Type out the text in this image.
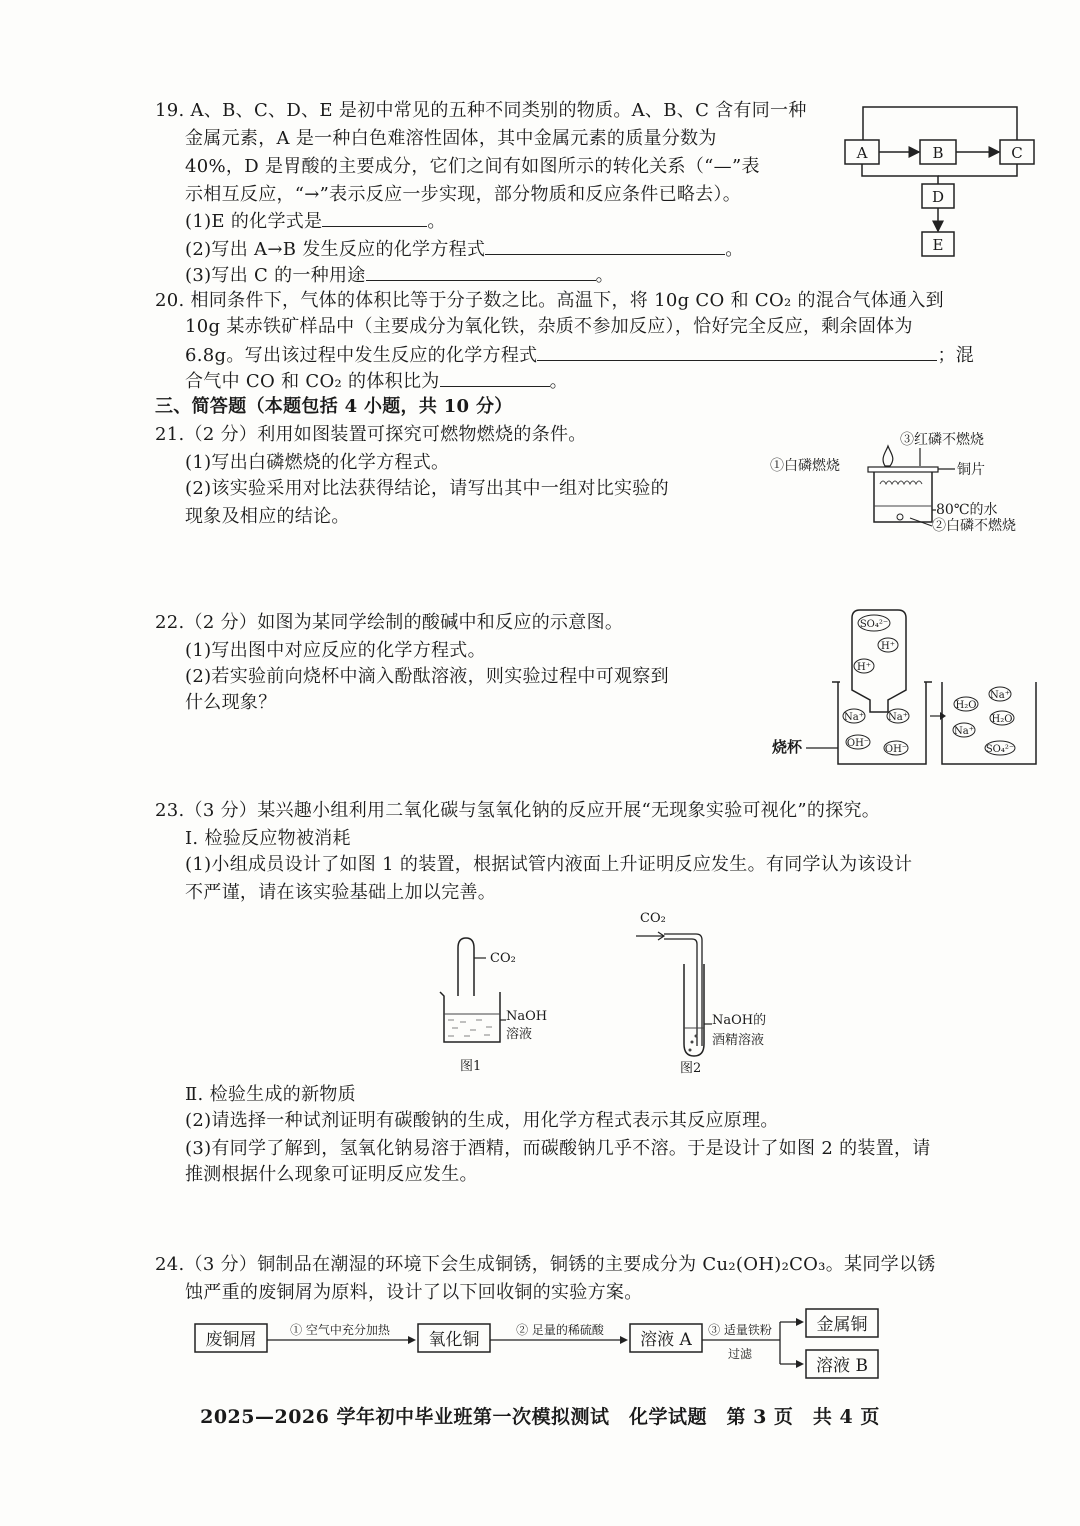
19. A、B、C、D、E 是初中常见的五种不同类别的物质。A、B、C 含有同一种
金属元素，A 是一种白色难溶性固体，其中金属元素的质量分数为
40%，D 是胃酸的主要成分，它们之间有如图所示的转化关系（“—”表
示相互反应，“→”表示反应一步实现，部分物质和反应条件已略去）。
(1)E 的化学式是	。
(2)写出 A→B 发生反应的化学方程式	。
(3)写出 C 的一种用途	。
A	B	C
D
E
20. 相同条件下，气体的体积比等于分子数之比。高温下，将 10g CO 和 CO₂ 的混合气体通入到
10g 某赤铁矿样品中（主要成分为氧化铁，杂质不参加反应），恰好完全反应，剩余固体为
6.8g。写出该过程中发生反应的化学方程式	；混
合气中 CO 和 CO₂ 的体积比为	。
三、简答题（本题包括 4 小题，共 10 分）
21.（2 分）利用如图装置可探究可燃物燃烧的条件。
(1)写出白磷燃烧的化学方程式。
(2)该实验采用对比法获得结论，请写出其中一组对比实验的
现象及相应的结论。
③红磷不燃烧
①白磷燃烧	铜片
80℃的水
②白磷不燃烧
22.（2 分）如图为某同学绘制的酸碱中和反应的示意图。
(1)写出图中对应反应的化学方程式。
(2)若实验前向烧杯中滴入酚酞溶液，则实验过程中可观察到
什么现象？
SO₄²⁻
H⁺
H⁺
Na⁺ Na⁺
OH⁻
OH⁻
烧杯
H₂O
Na⁺
H₂O
Na⁺
SO₄²⁻
23.（3 分）某兴趣小组利用二氧化碳与氢氧化钠的反应开展“无现象实验可视化”的探究。
Ⅰ. 检验反应物被消耗
(1)小组成员设计了如图 1 的装置，根据试管内液面上升证明反应发生。有同学认为该设计
不严谨，请在该实验基础上加以完善。
CO₂
NaOH
溶液
图1
CO₂
NaOH的
酒精溶液
图2
Ⅱ. 检验生成的新物质
(2)请选择一种试剂证明有碳酸钠的生成，用化学方程式表示其反应原理。
(3)有同学了解到，氢氧化钠易溶于酒精，而碳酸钠几乎不溶。于是设计了如图 2 的装置，请
推测根据什么现象可证明反应发生。
24.（3 分）铜制品在潮湿的环境下会生成铜锈，铜锈的主要成分为 Cu₂(OH)₂CO₃。某同学以锈
蚀严重的废铜屑为原料，设计了以下回收铜的实验方案。
废铜屑	① 空气中充分加热 氧化铜	② 足量的稀硫酸 溶液 A ③ 适量铁粉
过滤
金属铜
溶液 B
2025—2026 学年初中毕业班第一次模拟测试　化学试题　第 3 页　共 4 页
